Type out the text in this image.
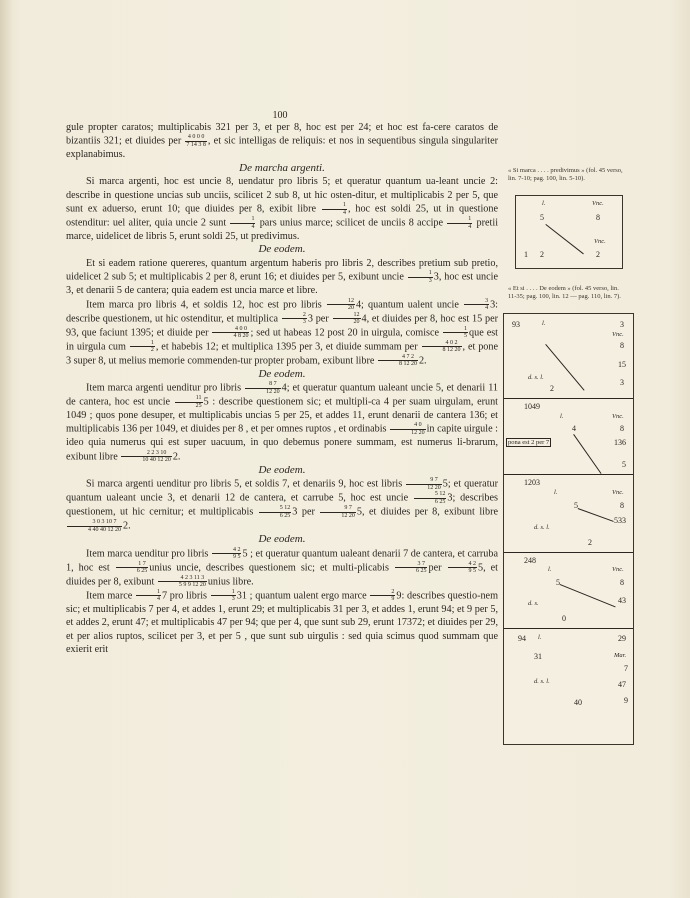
100

gule propter caratos; multiplicabis 321 per 3, et per 8, hoc est per 24; et hoc est fa-cere caratos de bizantiis 321; et diuides per $\frac{4 0 0 0}{7 14 3 8}$ , et sic intelligas de reliquis: et nos in sequentibus singula singulariter explanabimus.

De marcha argenti.

Si marca argenti, hoc est uncie 8, uendatur pro libris 5; et queratur quantum ua-leant uncie 2: describe in questione uncias sub unciis, scilicet 2 sub 8, ut hic osten-ditur, et multiplicabis 2 per 5, que sunt ex aduerso, erunt 10; que diuides per 8, exibit libre $\frac{1}{4}$ , hoc est soldi 25, ut in questione ostenditur: uel aliter, quia uncie 2 sunt $\frac{1}{4}$ pars unius marce; scilicet de unciis 8 accipe $\frac{1}{4}$ pretii marce, uidelicet de libris 5, erunt soldi 25, ut predivimus.

De eodem.

Et si eadem ratione quereres, quantum argentum haberis pro libris 2, describes pretium sub pretio, uidelicet 2 sub 5; et multiplicabis 2 per 8, erunt 16; et diuides per 5, exibunt uncie $\frac{1}{3} 3$, hoc est uncie 3, et denarii 5 de cantera; quia eadem est uncia marce et libre.

Item marca pro libris 4, et soldis 12, hoc est pro libris $\frac{12}{20} 4$; quantum ualent uncie $\frac{3}{4} 3$: describe questionem, ut hic ostenditur, et multiplica $\frac{2}{3} 3$ per $\frac{12}{20} 4$, et diuides per 8, hoc est 15 per 93, que faciunt 1395; et diuide per $\frac{4 0 0}{4 8 20}$ ; sed ut habeas 12 post 20 in uirgula, comisce $\frac{1}{5}$ que est in uirgula cum $\frac{1}{2}$ , et habebis 12; et multiplica 1395 per 3, et diuide summam per $\frac{4 0 2}{8 12 20}$ , et pone 3 super 8, ut melius memorie commenden-tur propter probam, exibunt libre $\frac{4 7 2}{8 12 20} 2$.

De eodem.

Item marca argenti uenditur pro libris $\frac{8 7}{12 20} 4$; et queratur quantum ualeant uncie 5, et denarii 11 de cantera, hoc est uncie $\frac{11}{25} 5$ : describe questionem sic; et multipli-ca 4 per suam uirgulam, erunt 1049 ; quos pone desuper, et multiplicabis uncias 5 per 25, et addes 11, erunt denarii de cantera 136; et multiplicabis 136 per 1049, et diuides per 8 , et per omnes ruptos , et ordinabis $\frac{4 0}{12 20}$ in capite uirgule : ideo quia numerus qui est super uacuum, in quo debemus ponere summam, est numerus li-brarum, exibunt libre $\frac{2 2 3 10}{10 40 12 20} 2$.

De eodem.

Si marca argenti uenditur pro libris 5, et soldis 7, et denariis 9, hoc est libris $\frac{9 7}{12 20} 5$; et queratur quantum ualeant uncie 3, et denarii 12 de cantera, et carrube 5, hoc est uncie $\frac{5 12}{6 25} 3$; describes questionem, ut hic cernitur; et multiplicabis $\frac{5 12}{6 25} 3$ per $\frac{9 7}{12 20} 5$, et diuides per 8, exibunt libre
$\frac{3 0 3 10 7}{4 40 40 12 20} 2$.

De eodem.

Item marca uenditur pro libris $\frac{4 2}{9 5} 5$ ; et queratur quantum ualeant denarii 7 de cantera, et carruba 1, hoc est $\frac{1 7}{6 25}$ unius uncie, describes questionem sic; et multi-plicabis $\frac{3 7}{6 25}$ per $\frac{4 2}{9 5} 5$, et diuides per 8, exibunt $\frac{4 2 3 11 3}{5 9 9 12 20}$ unius libre.

Item marce $\frac{1}{4} 7$ pro libris $\frac{1}{3} 31$ ; quantum ualent ergo marce $\frac{2}{9} 9$: describes questio-nem sic; et multiplicabis 7 per 4, et addes 1, erunt 29; et multiplicabis 31 per 3, et addes 1, erunt 94; et 9 per 5, et addes 2, erunt 47; et multiplicabis 47 per 94; que per 4, que sunt sub 29, erunt 17372; et diuides per 29, et per alios ruptos, scilicet per 3, et per 5 , que sunt sub uirgulis : sed quia scimus quod summam que exierit erit

« Si marca . . . . predivimus » (fol. 45 verso, lin. 7-10; pag. 100, lin. 5-10).
« Et si . . . . De eodem » (fol. 45 verso, lin. 11-35; pag. 100, lin. 12 — pag. 110, lin. 7).
l.	Vnc.
5	8
Vnc.
1 2	2
93	l.	3
Vnc.
8
15
d. s. l.
2
3
1049
l.	Vnc.
4	8
pona est 2 per 7	136
5
1203
l.	Vnc.
5	8
533
d. s. l.
2
248
l.	Vnc.
5	8
43
d. s.
0
94 l.	29
31	Mar.
7
d. s. l.	47
40	9
